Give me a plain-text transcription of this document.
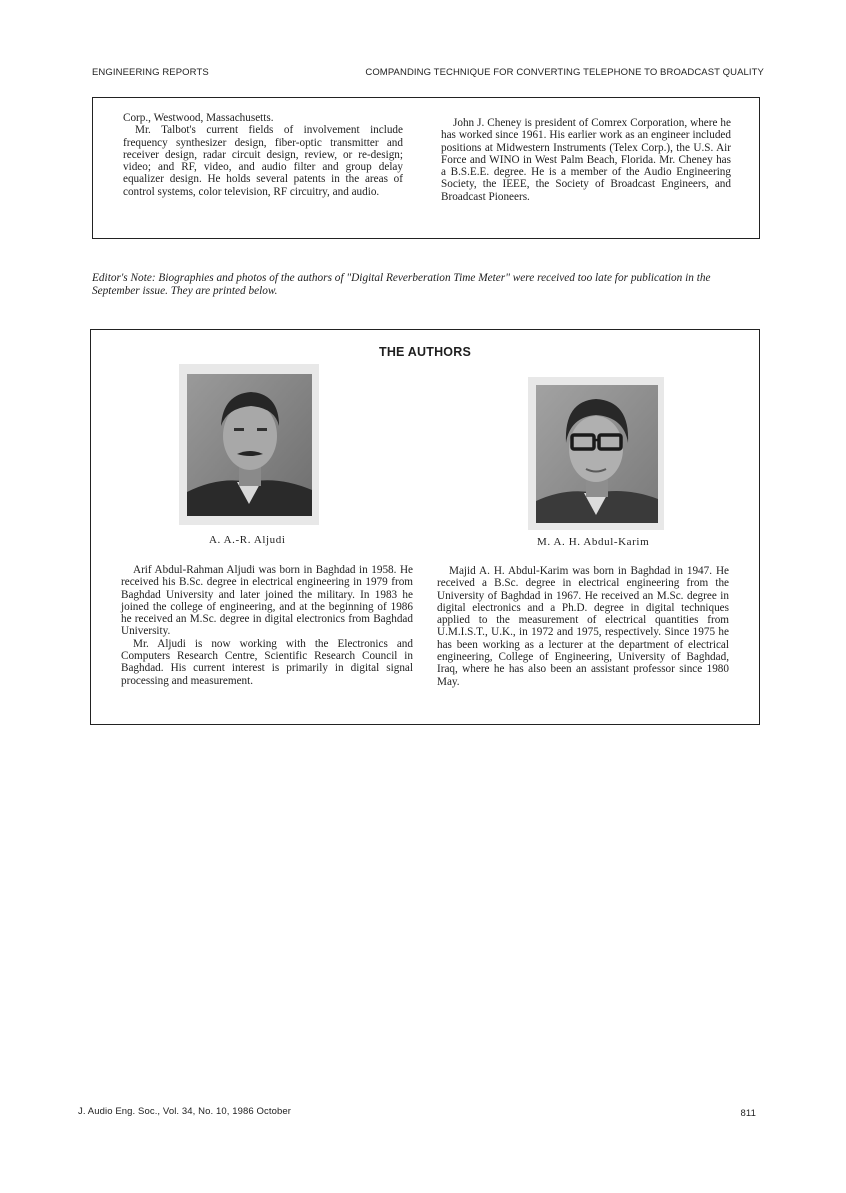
ENGINEERING REPORTS	COMPANDING TECHNIQUE FOR CONVERTING TELEPHONE TO BROADCAST QUALITY

Corp., Westwood, Massachusetts.

Mr. Talbot's current fields of involvement include frequency synthesizer design, fiber-optic transmitter and receiver design, radar circuit design, review, or re-design; video; and RF, video, and audio filter and group delay equalizer design. He holds several patents in the areas of control systems, color television, RF circuitry, and audio.

John J. Cheney is president of Comrex Corporation, where he has worked since 1961. His earlier work as an engineer included positions at Midwestern Instruments (Telex Corp.), the U.S. Air Force and WINO in West Palm Beach, Florida. Mr. Cheney has a B.S.E.E. degree. He is a member of the Audio Engineering Society, the IEEE, the Society of Broadcast Engineers, and Broadcast Pioneers.

Editor's Note: Biographies and photos of the authors of "Digital Reverberation Time Meter" were received too late for publication in the September issue. They are printed below.

THE AUTHORS
A. A.-R. Aljudi	M. A. H. Abdul-Karim

Arif Abdul-Rahman Aljudi was born in Baghdad in 1958. He received his B.Sc. degree in electrical engineering in 1979 from Baghdad University and later joined the military. In 1983 he joined the college of engineering, and at the beginning of 1986 he received an M.Sc. degree in digital electronics from Baghdad University.

Mr. Aljudi is now working with the Electronics and Computers Research Centre, Scientific Research Council in Baghdad. His current interest is primarily in digital signal processing and measurement.

Majid A. H. Abdul-Karim was born in Baghdad in 1947. He received a B.Sc. degree in electrical engineering from the University of Baghdad in 1967. He received an M.Sc. degree in digital electronics and a Ph.D. degree in digital techniques applied to the measurement of electrical quantities from U.M.I.S.T., U.K., in 1972 and 1975, respectively. Since 1975 he has been working as a lecturer at the department of electrical engineering, College of Engineering, University of Baghdad, Iraq, where he has also been an assistant professor since 1980 May.

J. Audio Eng. Soc., Vol. 34, No. 10, 1986 October	811
